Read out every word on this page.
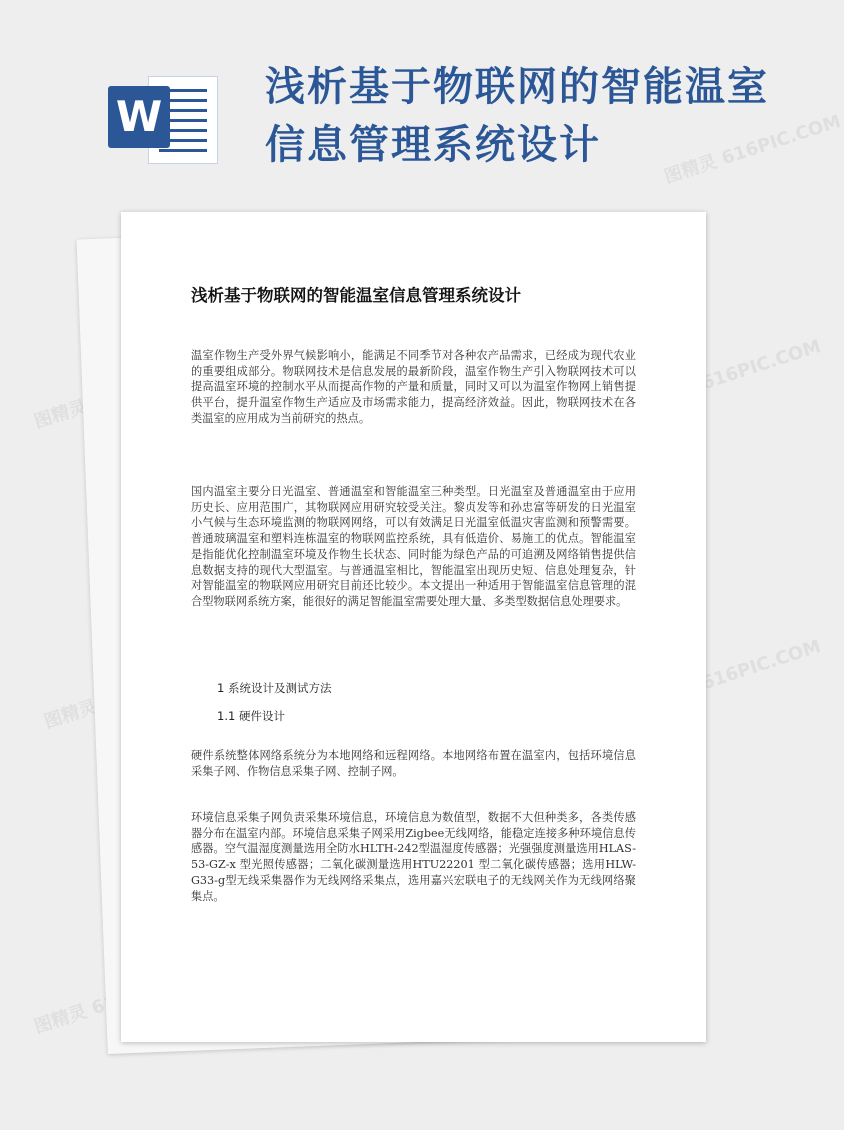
图精灵
图精灵 616PIC.COM
图精灵
图精灵 616PIC.COM
图精灵
图精灵 616PIC.COM
W
浅析基于物联网的智能温室信息管理系统设计
浅析基于物联网的智能温室信息管理系统设计

温室作物生产受外界气候影响小，能满足不同季节对各种农产品需求，已经成为现代农业的重要组成部分。物联网技术是信息发展的最新阶段，温室作物生产引入物联网技术可以提高温室环境的控制水平从而提高作物的产量和质量，同时又可以为温室作物网上销售提供平台，提升温室作物生产适应及市场需求能力，提高经济效益。因此，物联网技术在各类温室的应用成为当前研究的热点。

国内温室主要分日光温室、普通温室和智能温室三种类型。日光温室及普通温室由于应用历史长、应用范围广，其物联网应用研究较受关注。黎贞发等和孙忠富等研发的日光温室小气候与生态环境监测的物联网网络，可以有效满足日光温室低温灾害监测和预警需要。普通玻璃温室和塑料连栋温室的物联网监控系统，具有低造价、易施工的优点。智能温室是指能优化控制温室环境及作物生长状态、同时能为绿色产品的可追溯及网络销售提供信息数据支持的现代大型温室。与普通温室相比，智能温室出现历史短、信息处理复杂，针对智能温室的物联网应用研究目前还比较少。本文提出一种适用于智能温室信息管理的混合型物联网系统方案，能很好的满足智能温室需要处理大量、多类型数据信息处理要求。

1 系统设计及测试方法
1.1 硬件设计

硬件系统整体网络系统分为本地网络和远程网络。本地网络布置在温室内，包括环境信息采集子网、作物信息采集子网、控制子网。

环境信息采集子网负责采集环境信息，环境信息为数值型，数据不大但种类多，各类传感器分布在温室内部。环境信息采集子网采用Zigbee无线网络，能稳定连接多种环境信息传感器。空气温湿度测量选用全防水HLTH-242型温湿度传感器；光强强度测量选用HLAS-53-GZ-x 型光照传感器；二氧化碳测量选用HTU22201 型二氧化碳传感器；选用HLW-G33-g型无线采集器作为无线网络采集点，选用嘉兴宏联电子的无线网关作为无线网络聚集点。
